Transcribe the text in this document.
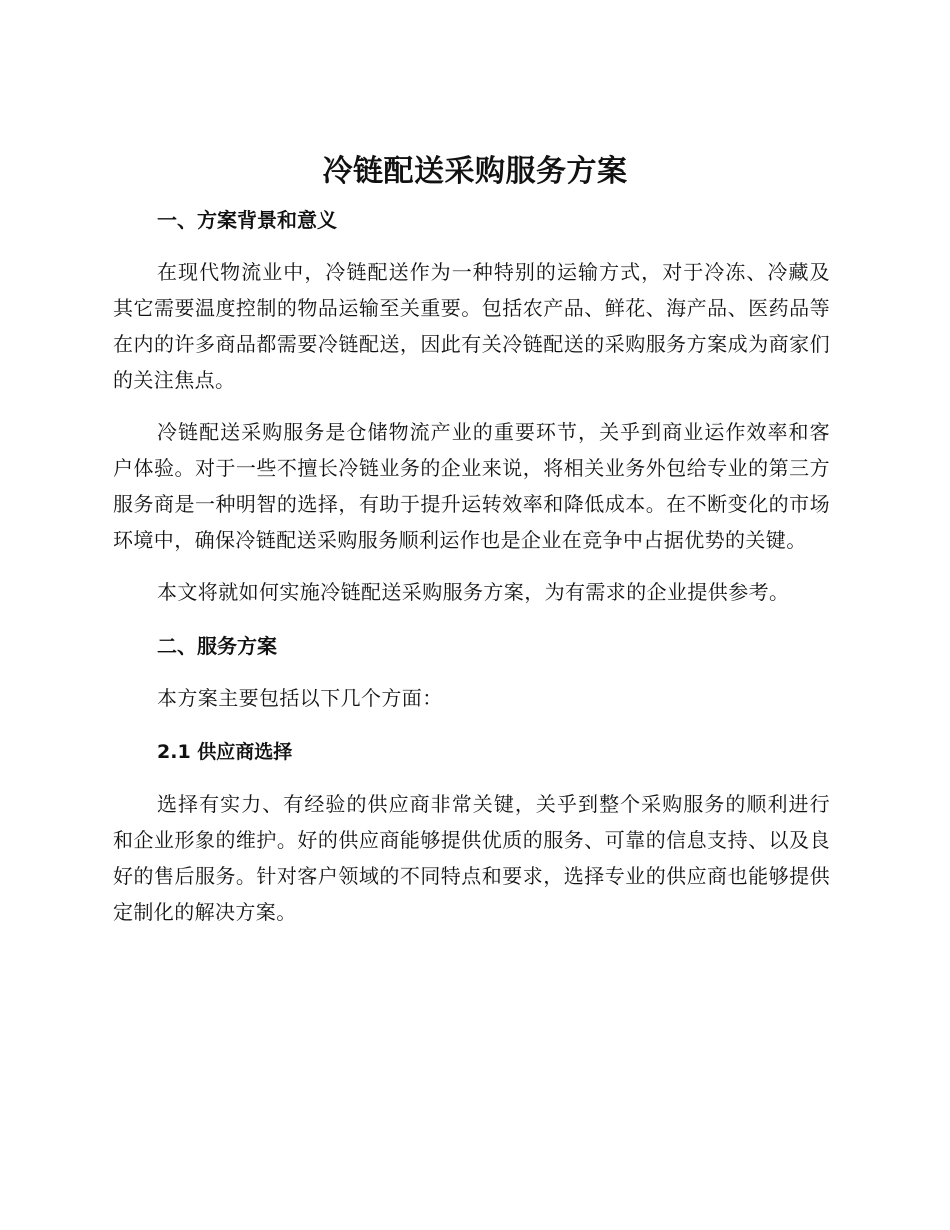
冷链配送采购服务方案
一、方案背景和意义

在现代物流业中，冷链配送作为一种特别的运输方式，对于冷冻、冷藏及其它需要温度控制的物品运输至关重要。包括农产品、鲜花、海产品、医药品等在内的许多商品都需要冷链配送，因此有关冷链配送的采购服务方案成为商家们的关注焦点。

冷链配送采购服务是仓储物流产业的重要环节，关乎到商业运作效率和客户体验。对于一些不擅长冷链业务的企业来说，将相关业务外包给专业的第三方服务商是一种明智的选择，有助于提升运转效率和降低成本。在不断变化的市场环境中，确保冷链配送采购服务顺利运作也是企业在竞争中占据优势的关键。

本文将就如何实施冷链配送采购服务方案，为有需求的企业提供参考。

二、服务方案

本方案主要包括以下几个方面：

2.1 供应商选择

选择有实力、有经验的供应商非常关键，关乎到整个采购服务的顺利进行和企业形象的维护。好的供应商能够提供优质的服务、可靠的信息支持、以及良好的售后服务。针对客户领域的不同特点和要求，选择专业的供应商也能够提供定制化的解决方案。
